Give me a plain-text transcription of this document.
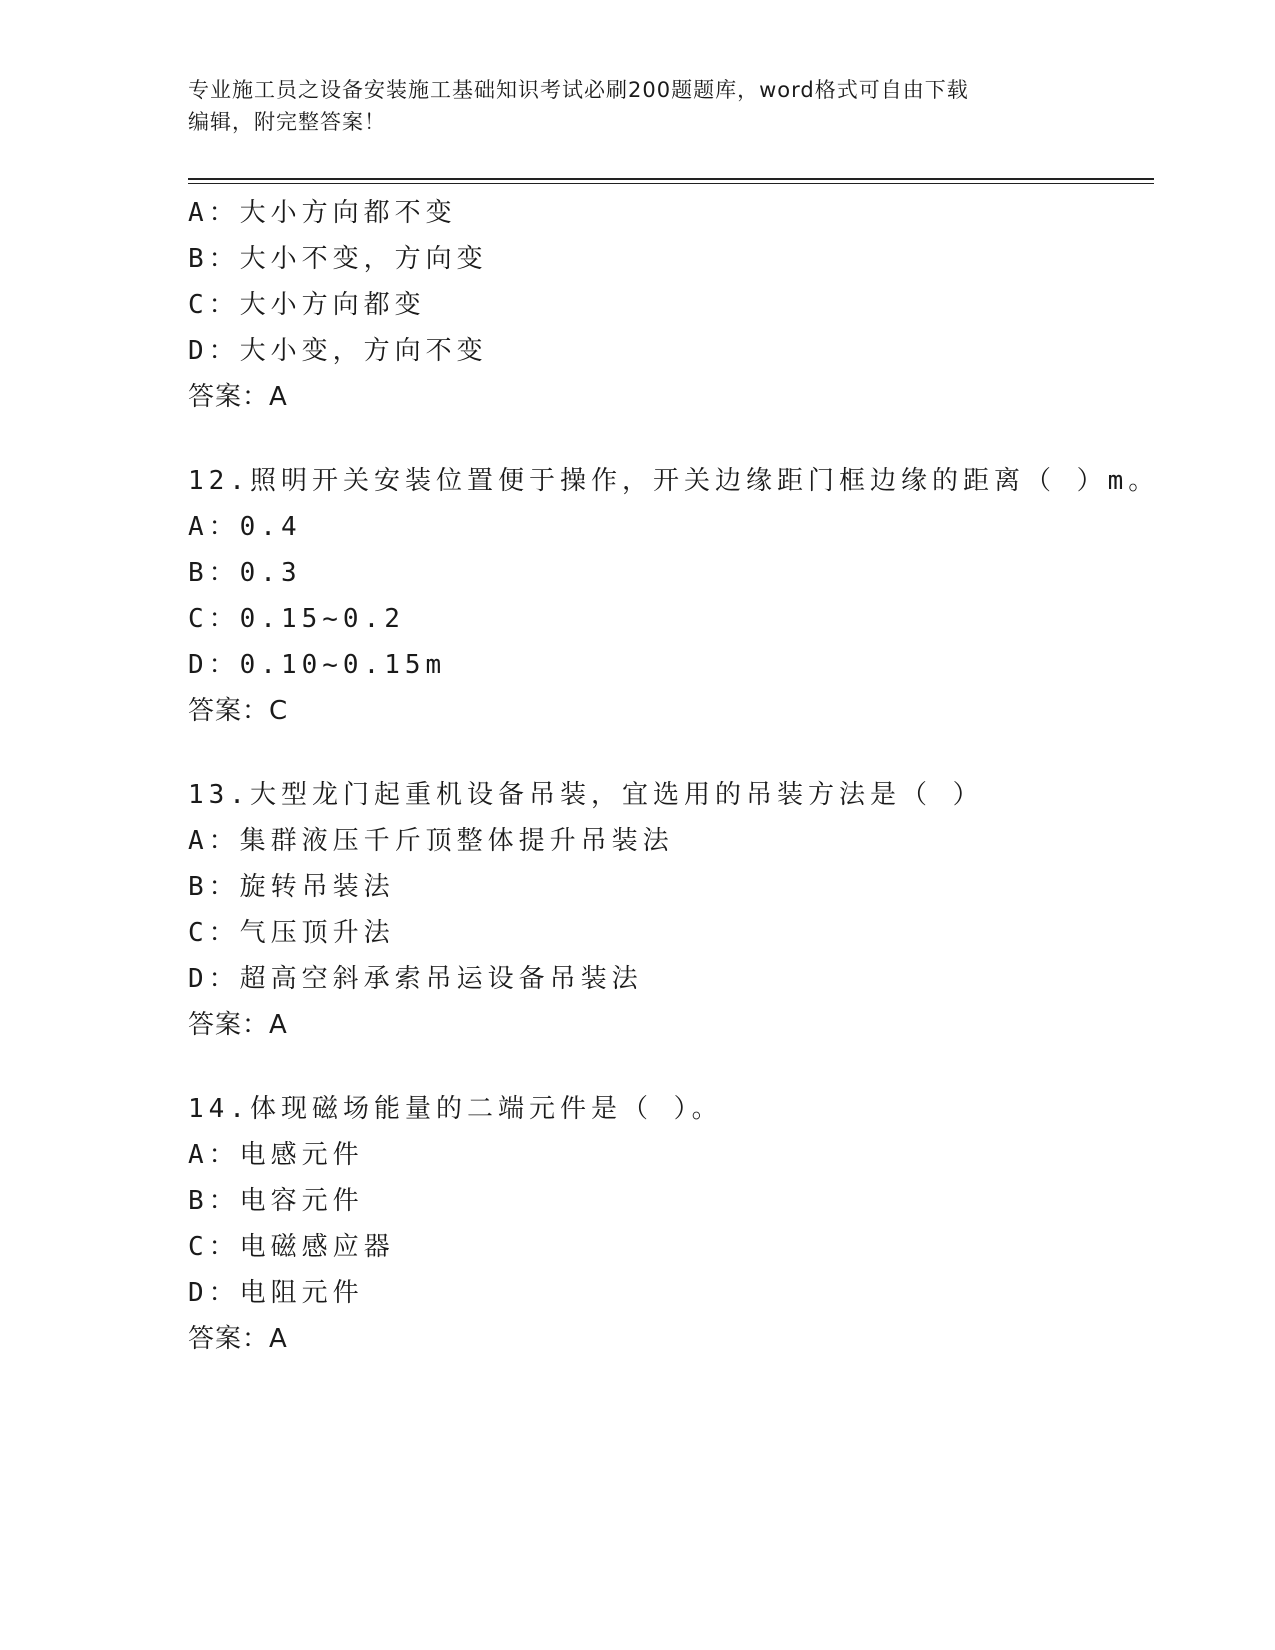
专业施工员之设备安装施工基础知识考试必刷200题题库，word格式可自由下载
编辑，附完整答案！
A：大小方向都不变
B：大小不变，方向变
C：大小方向都变
D：大小变，方向不变
答案：A
12.照明开关安装位置便于操作，开关边缘距门框边缘的距离（ ）m。
A：0.4
B：0.3
C：0.15~0.2
D：0.10~0.15m
答案：C
13.大型龙门起重机设备吊装，宜选用的吊装方法是（ ）
A：集群液压千斤顶整体提升吊装法
B：旋转吊装法
C：气压顶升法
D：超高空斜承索吊运设备吊装法
答案：A
14.体现磁场能量的二端元件是（ ）。
A：电感元件
B：电容元件
C：电磁感应器
D：电阻元件
答案：A
